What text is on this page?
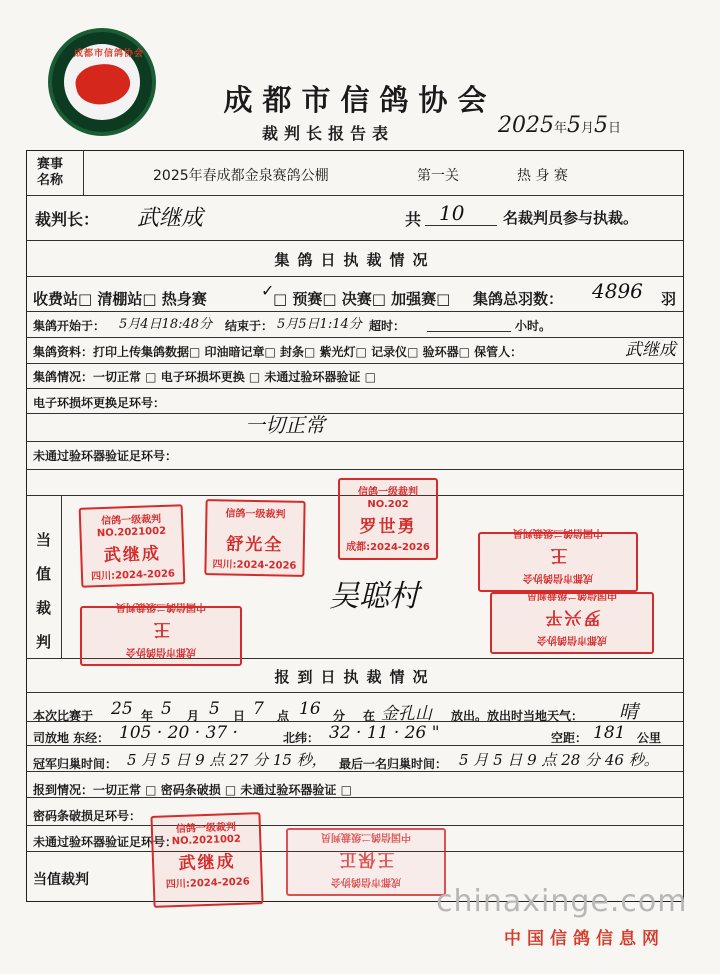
成都市信鸽协会
成都市信鸽协会
裁判长报告表	2025年5月5日
赛事名称	2025年春成都金泉赛鸽公棚	第一关	热 身 赛
裁判长： 武继成	共 10	名裁判员参与执裁。
集鸽日执裁情况
收费站□ 清棚站□ 热身赛	✓
□ 预赛□ 决赛□ 加强赛□ 集鸽总羽数： 4896 羽
集鸽开始于： 5月4日18:48分 结束于： 5月5日1:14分 超时：	小时。
集鸽资料：打印上传集鸽数据□ 印油暗记章□ 封条□ 紫光灯□ 记录仪□ 验环器□ 保管人：	武继成
集鸽情况：一切正常 □ 电子环损坏更换 □ 未通过验环器验证 □
电子环损坏更换足环号：
一切正常
未通过验环器验证足环号：
当值裁判
吴聪村
报到日执裁情况
本次比赛于 25 年 5 月 5 日 7 点 16 分 在 金孔山 放出。放出时当地天气： 晴
司放地 东经： 105 · 20 · 37 ·	北纬： 32 · 11 · 26 "	空距： 181 公里
冠军归巢时间： 5 月 5 日 9 点 27 分 15 秒， 最后一名归巢时间： 5 月 5 日 9 点 28 分 46 秒。
报到情况：一切正常 □ 密码条破损 □ 未通过验环器验证 □
密码条破损足环号：
未通过验环器验证足环号：
当值裁判
信鸽一级裁判
NO.2021002
武继成
四川:2024-2026
信鸽一级裁判
舒光全
四川:2024-2026
信鸽一级裁判
NO.202
罗世勇
成都:2024-2026
成都市信鸽协会
王
中国信鸽二级裁判员
成都市信鸽协会
罗兴平
中国信鸽二级裁判员
成都市信鸽协会
王
中国信鸽二级裁判员
信鸽一级裁判
NO.2021002
武继成
四川:2024-2026	成都市信鸽协会
王保正
中国信鸽二级裁判员
chinaxinge.com
中国信鸽信息网
